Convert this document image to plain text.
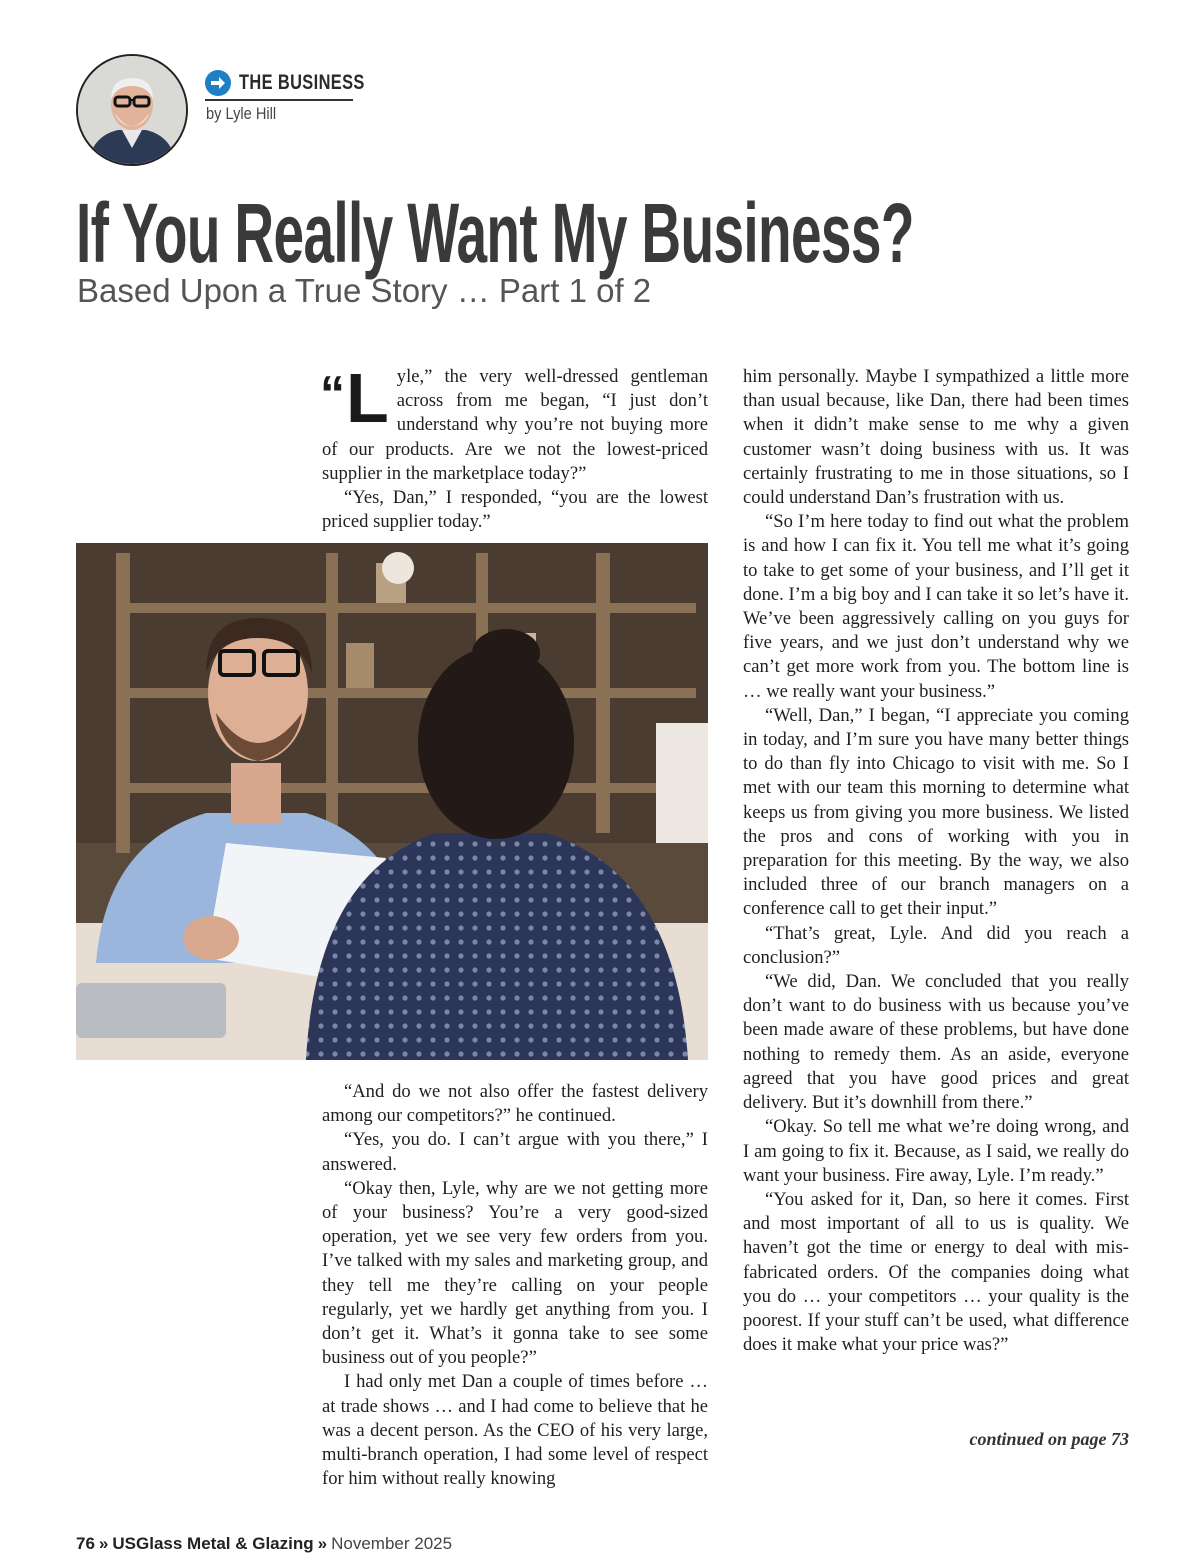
THE BUSINESS
by Lyle Hill
If You Really Want My Business?
Based Upon a True Story … Part 1 of 2

“L yle,” the very well-dressed gentleman across from me began, “I just don’t understand why you’re not buying more of our products. Are we not the lowest-priced supplier in the marketplace today?”

“Yes, Dan,” I responded, “you are the lowest priced supplier today.”

“And do we not also offer the fastest delivery among our competitors?” he continued.

“Yes, you do. I can’t argue with you there,” I answered.

“Okay then, Lyle, why are we not getting more of your business? You’re a very good-sized operation, yet we see very few orders from you. I’ve talked with my sales and marketing group, and they tell me they’re calling on your people regularly, yet we hardly get anything from you. I don’t get it. What’s it gonna take to see some business out of you people?”

I had only met Dan a couple of times before … at trade shows … and I had come to believe that he was a decent person. As the CEO of his very large, multi-branch operation, I had some level of respect for him without really knowing

him personally. Maybe I sympathized a little more than usual because, like Dan, there had been times when it didn’t make sense to me why a given customer wasn’t doing business with us. It was certainly frustrating to me in those situations, so I could understand Dan’s frustration with us.

“So I’m here today to find out what the problem is and how I can fix it. You tell me what it’s going to take to get some of your business, and I’ll get it done. I’m a big boy and I can take it so let’s have it. We’ve been aggressively calling on you guys for five years, and we just don’t understand why we can’t get more work from you. The bottom line is … we really want your business.”

“Well, Dan,” I began, “I appreciate you coming in today, and I’m sure you have many better things to do than fly into Chicago to visit with me. So I met with our team this morning to determine what keeps us from giving you more business. We listed the pros and cons of working with you in preparation for this meeting. By the way, we also included three of our branch managers on a conference call to get their input.”

“That’s great, Lyle. And did you reach a conclusion?”

“We did, Dan. We concluded that you really don’t want to do business with us because you’ve been made aware of these problems, but have done nothing to remedy them. As an aside, everyone agreed that you have good prices and great delivery. But it’s downhill from there.”

“Okay. So tell me what we’re doing wrong, and I am going to fix it. Because, as I said, we really do want your business. Fire away, Lyle. I’m ready.”

“You asked for it, Dan, so here it comes. First and most important of all to us is quality. We haven’t got the time or energy to deal with mis-fabricated orders. Of the companies doing what you do … your competitors … your quality is the poorest. If your stuff can’t be used, what difference does it make what your price was?”

continued on page 73
76 » USGlass Metal & Glazing » November 2025
